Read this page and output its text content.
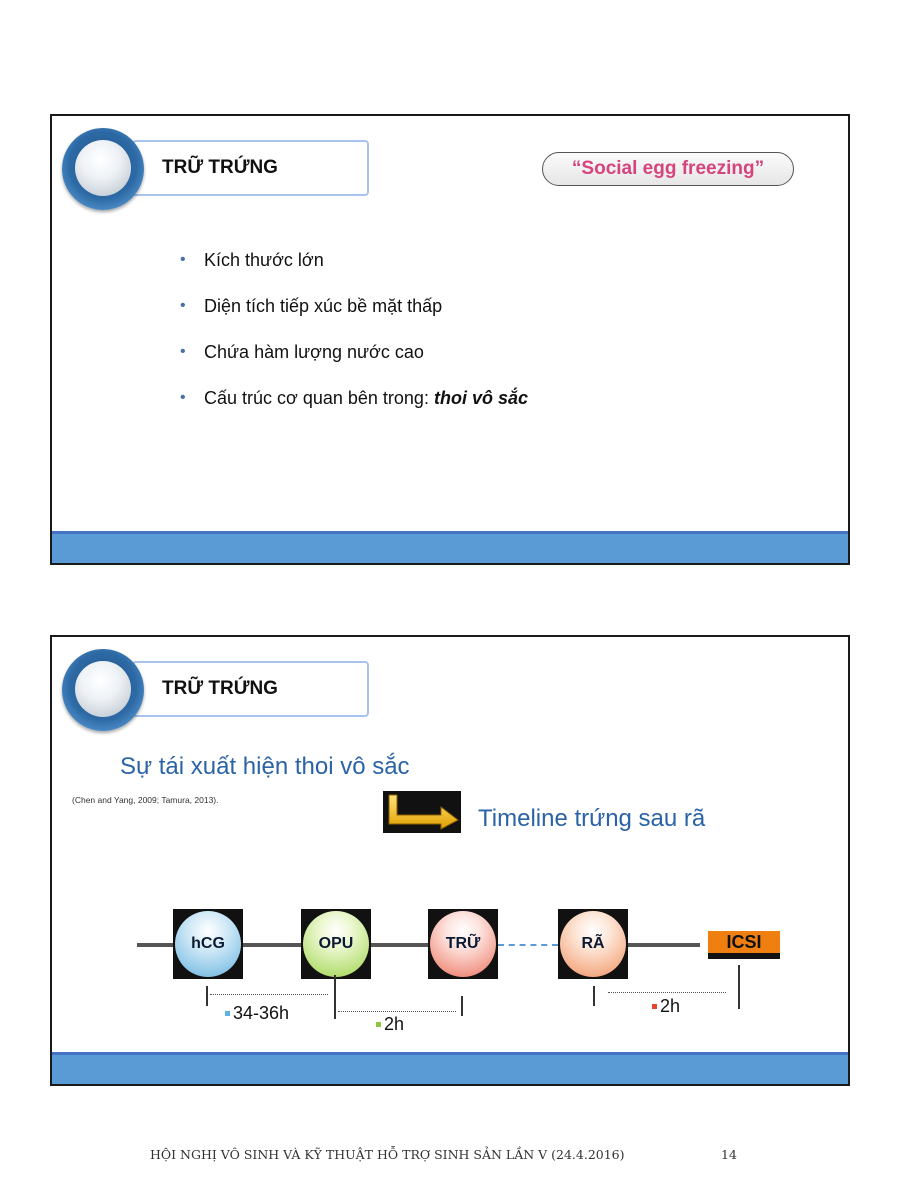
TRỮ TRỨNG	“Social egg freezing”
• Kích thước lớn
• Diện tích tiếp xúc bề mặt thấp
• Chứa hàm lượng nước cao
• Cấu trúc cơ quan bên trong: thoi vô sắc
TRỮ TRỨNG
Sự tái xuất hiện thoi vô sắc
(Chen and Yang, 2009; Tamura, 2013).
Timeline trứng sau rã
hCG	OPU	TRỮ	RÃ	ICSI
34-36h
2h
2h
HỘI NGHỊ VÔ SINH VÀ KỸ THUẬT HỖ TRỢ SINH SẢN LẦN V (24.4.2016)	14
